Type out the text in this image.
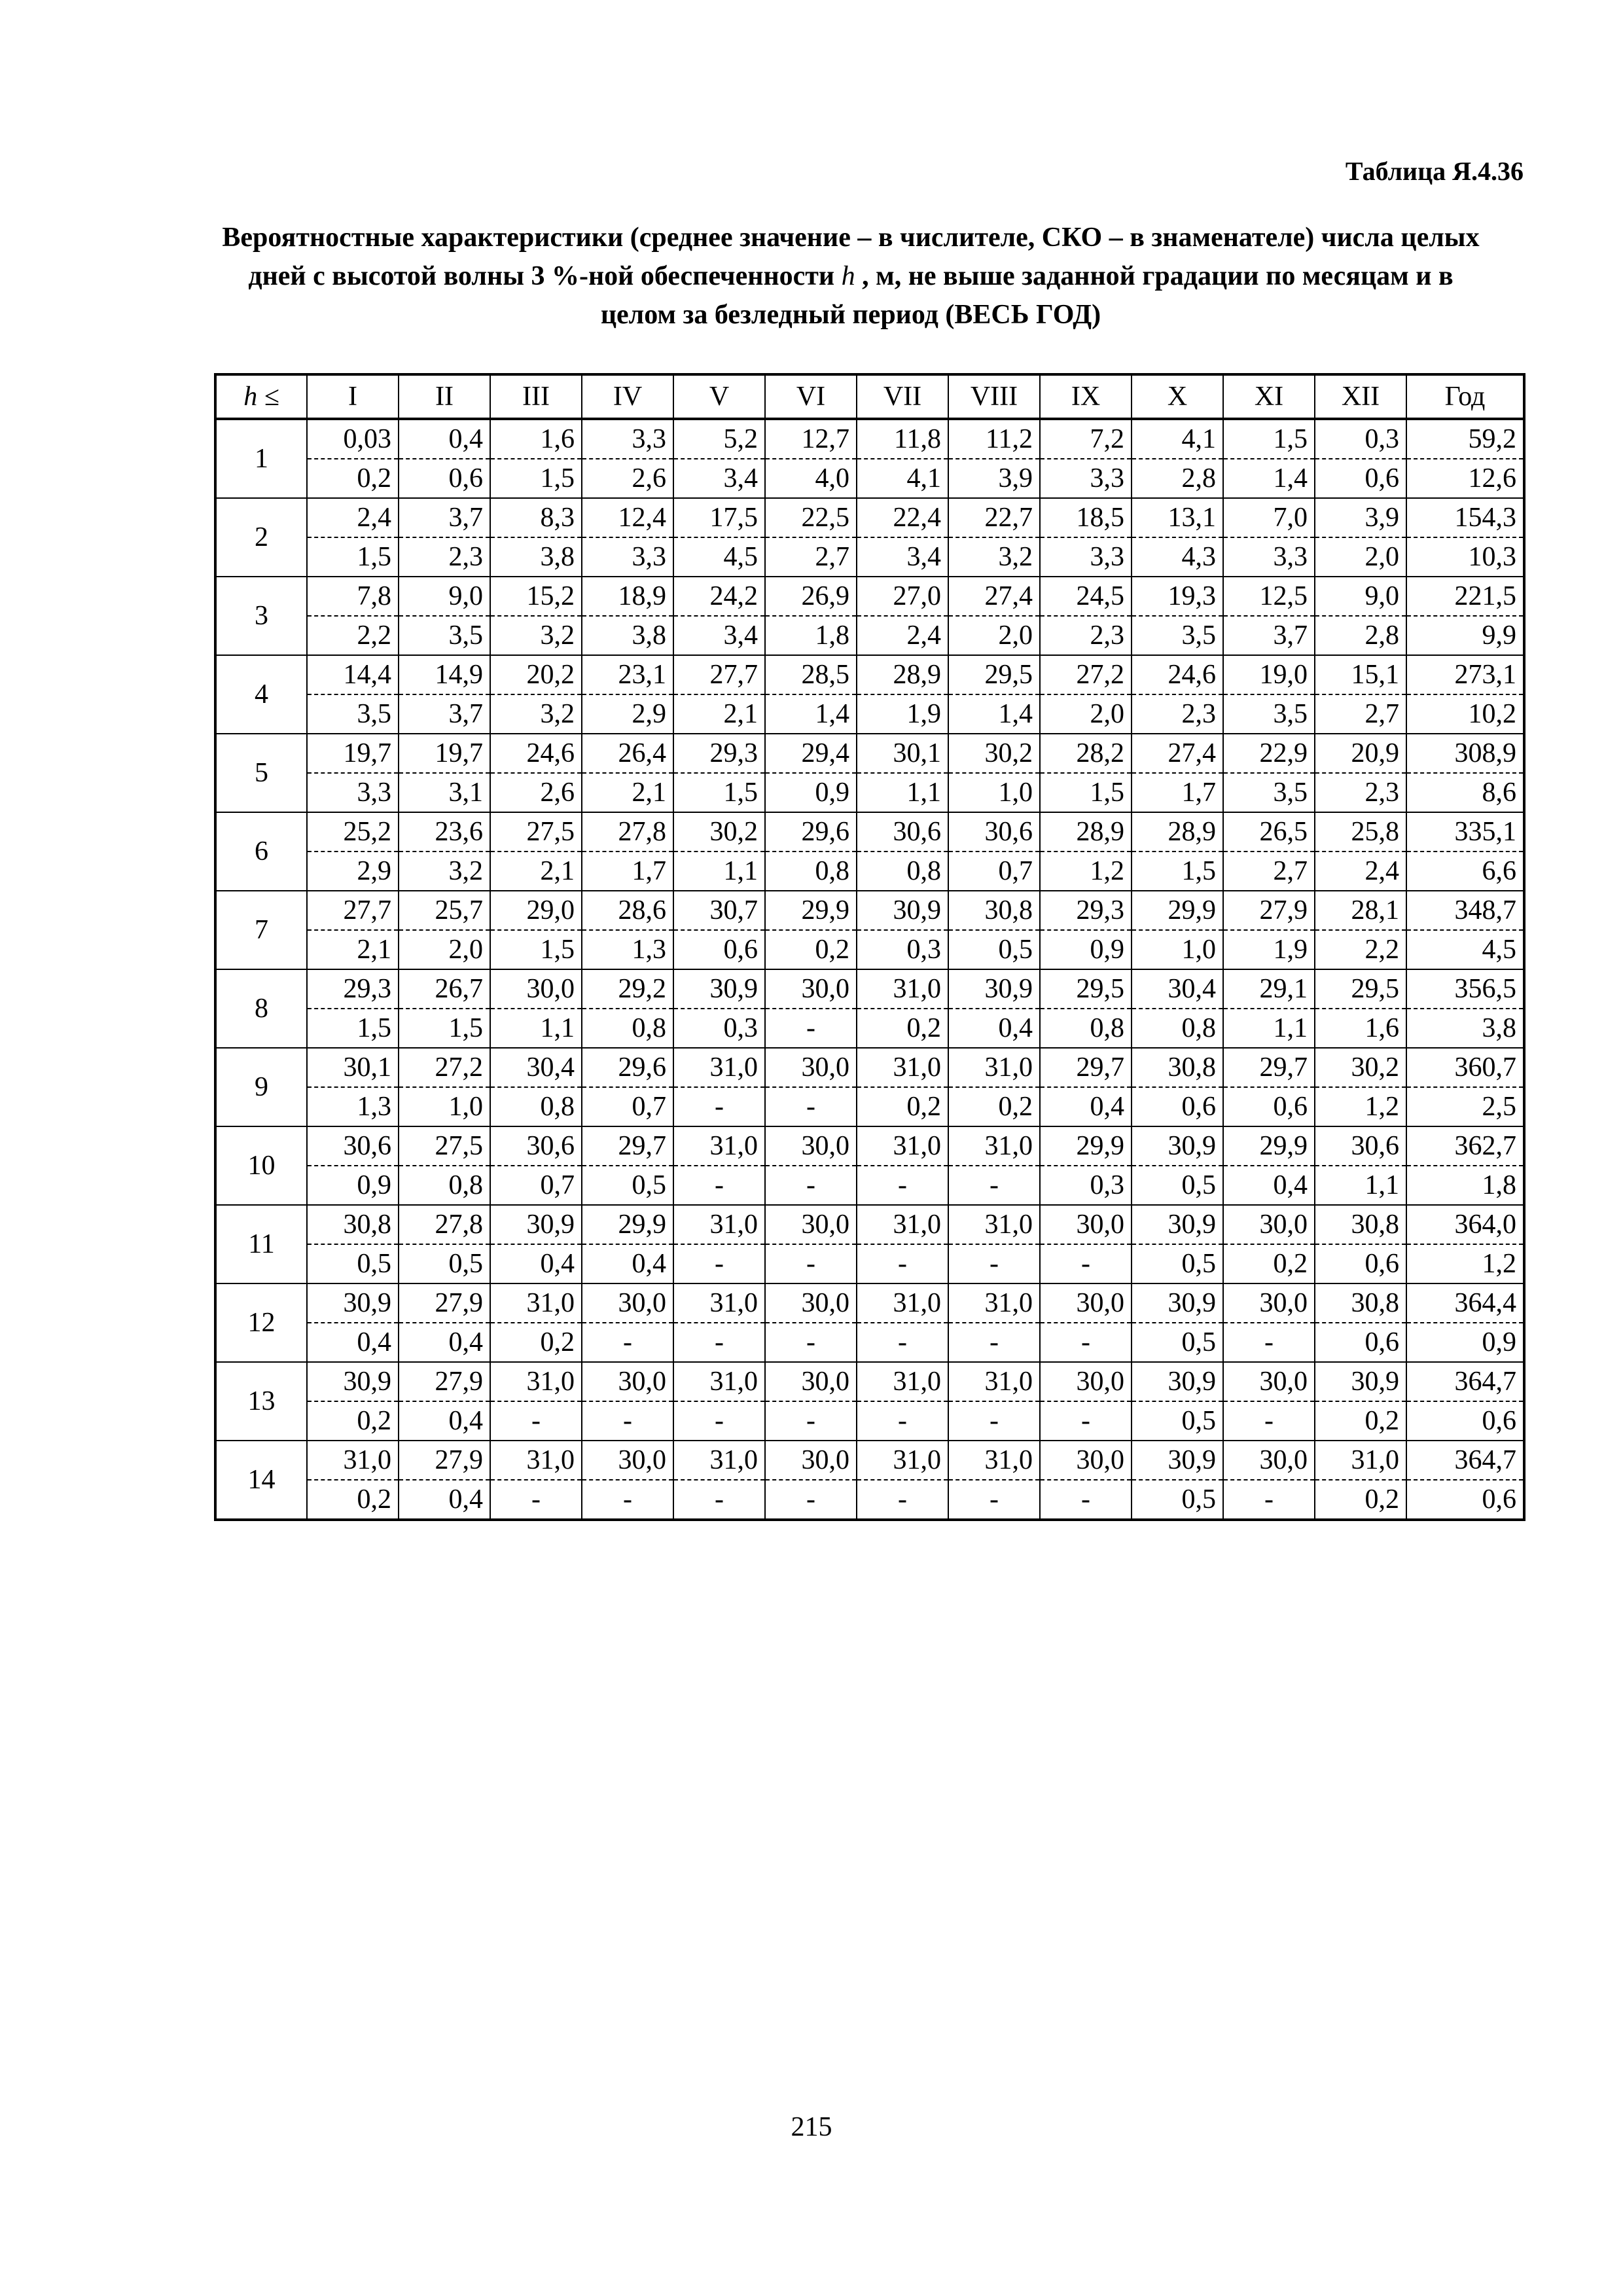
Таблица Я.4.36

Вероятностные характеристики (среднее значение – в числителе, СКО – в знаменателе) числа целых дней с высотой волны 3 %-ной обеспеченности h , м, не выше заданной градации по месяцам и в целом за безледный период (ВЕСЬ ГОД)

h ≤	I	II	III	IV	V	VI	VII	VIII	IX	X	XI	XII	Год
1	0,03	0,4	1,6	3,3	5,2	12,7	11,8	11,2	7,2	4,1	1,5	0,3	59,2
	0,2	0,6	1,5	2,6	3,4	4,0	4,1	3,9	3,3	2,8	1,4	0,6	12,6
2	2,4	3,7	8,3	12,4	17,5	22,5	22,4	22,7	18,5	13,1	7,0	3,9	154,3
	1,5	2,3	3,8	3,3	4,5	2,7	3,4	3,2	3,3	4,3	3,3	2,0	10,3
3	7,8	9,0	15,2	18,9	24,2	26,9	27,0	27,4	24,5	19,3	12,5	9,0	221,5
	2,2	3,5	3,2	3,8	3,4	1,8	2,4	2,0	2,3	3,5	3,7	2,8	9,9
4	14,4	14,9	20,2	23,1	27,7	28,5	28,9	29,5	27,2	24,6	19,0	15,1	273,1
	3,5	3,7	3,2	2,9	2,1	1,4	1,9	1,4	2,0	2,3	3,5	2,7	10,2
5	19,7	19,7	24,6	26,4	29,3	29,4	30,1	30,2	28,2	27,4	22,9	20,9	308,9
	3,3	3,1	2,6	2,1	1,5	0,9	1,1	1,0	1,5	1,7	3,5	2,3	8,6
6	25,2	23,6	27,5	27,8	30,2	29,6	30,6	30,6	28,9	28,9	26,5	25,8	335,1
	2,9	3,2	2,1	1,7	1,1	0,8	0,8	0,7	1,2	1,5	2,7	2,4	6,6
7	27,7	25,7	29,0	28,6	30,7	29,9	30,9	30,8	29,3	29,9	27,9	28,1	348,7
	2,1	2,0	1,5	1,3	0,6	0,2	0,3	0,5	0,9	1,0	1,9	2,2	4,5
8	29,3	26,7	30,0	29,2	30,9	30,0	31,0	30,9	29,5	30,4	29,1	29,5	356,5
	1,5	1,5	1,1	0,8	0,3	-	0,2	0,4	0,8	0,8	1,1	1,6	3,8
9	30,1	27,2	30,4	29,6	31,0	30,0	31,0	31,0	29,7	30,8	29,7	30,2	360,7
	1,3	1,0	0,8	0,7	-	-	0,2	0,2	0,4	0,6	0,6	1,2	2,5
10	30,6	27,5	30,6	29,7	31,0	30,0	31,0	31,0	29,9	30,9	29,9	30,6	362,7
	0,9	0,8	0,7	0,5	-	-	-	-	0,3	0,5	0,4	1,1	1,8
11	30,8	27,8	30,9	29,9	31,0	30,0	31,0	31,0	30,0	30,9	30,0	30,8	364,0
	0,5	0,5	0,4	0,4	-	-	-	-	-	0,5	0,2	0,6	1,2
12	30,9	27,9	31,0	30,0	31,0	30,0	31,0	31,0	30,0	30,9	30,0	30,8	364,4
	0,4	0,4	0,2	-	-	-	-	-	-	0,5	-	0,6	0,9
13	30,9	27,9	31,0	30,0	31,0	30,0	31,0	31,0	30,0	30,9	30,0	30,9	364,7
	0,2	0,4	-	-	-	-	-	-	-	0,5	-	0,2	0,6
14	31,0	27,9	31,0	30,0	31,0	30,0	31,0	31,0	30,0	30,9	30,0	31,0	364,7
	0,2	0,4	-	-	-	-	-	-	-	0,5	-	0,2	0,6

215
